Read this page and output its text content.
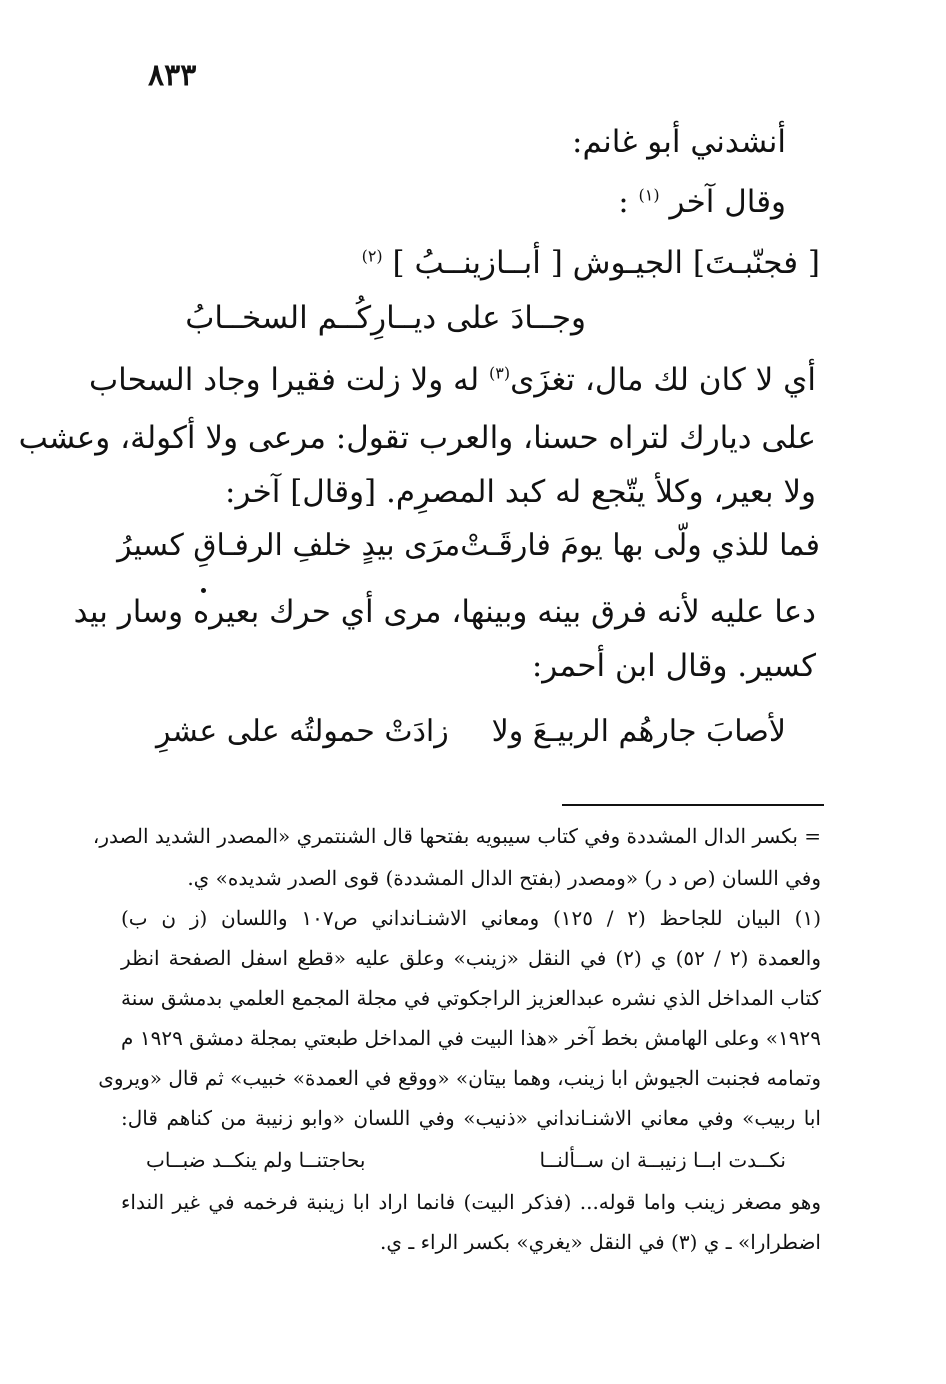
٨٣٣
أنشدني أبو غانم:
وقال آخر $^{(١)}$ :
[ فجنّبـتَ] الجيـوش [ أبــازينــبُ ] $^{(٢)}$
وجــادَ على ديــارِكُــم السخــابُ
أي لا كان لك مال، تغزَى$^{(٣)}$ له ولا زلت فقيرا وجاد السحاب
على ديارك لتراه حسنا، والعرب تقول: مرعى ولا أكولة، وعشب
ولا بعير، وكلأ يتّجع له كبد المصرِم. [وقال] آخر:
فما للذي ولّى بها يومَ فارقَـتْ
مرَى بيدٍ خلفِ الرفـاقِ كسيرُ
دعا عليه لأنه فرق بينه وبينها، مرى أي حرك بعيره وسار بيد
كسير. وقال ابن أحمر:
لأصابَ جارهُم الربيـعَ ولا
زادَتْ حمولتُه على عشرِ
= بكسر الدال المشددة وفي كتاب سيبويه بفتحها قال الشنتمري «المصدر الشديد الصدر،
وفي اللسان (ص د ر) «ومصدر (بفتح الدال المشددة) قوى الصدر شديده» ي.
(١) البيان للجاحظ (٢ / ١٢٥) ومعاني الاشنـانداني ص١٠٧ واللسان (ز ن ب)
والعمدة (٢ / ٥٢) ي (٢) في النقل «زينب» وعلق عليه «قطع اسفل الصفحة انظر
كتاب المداخل الذي نشره عبدالعزيز الراجكوتي في مجلة المجمع العلمي بدمشق سنة
١٩٢٩» وعلى الهامش بخط آخر «هذا البيت في المداخل طبعتي بمجلة دمشق ١٩٢٩ م
وتمامه فجنبت الجيوش ابا زينب، وهما بيتان» «ووقع في العمدة» خبيب» ثم قال «ويروى
ابا ربيب» وفي معاني الاشنـانداني «ذنيب» وفي اللسان «وابو زنيبة من كناهم قال:
نكــدت ابــا زنيبــة ان ســألنــا
بحاجتنــا ولم ينكــد ضبــاب
وهو مصغر زينب واما قوله... (فذكر البيت) فانما اراد ابا زينبة فرخمه في غير النداء
اضطرارا» ـ ي (٣) في النقل «يغري» بكسر الراء ـ ي.
